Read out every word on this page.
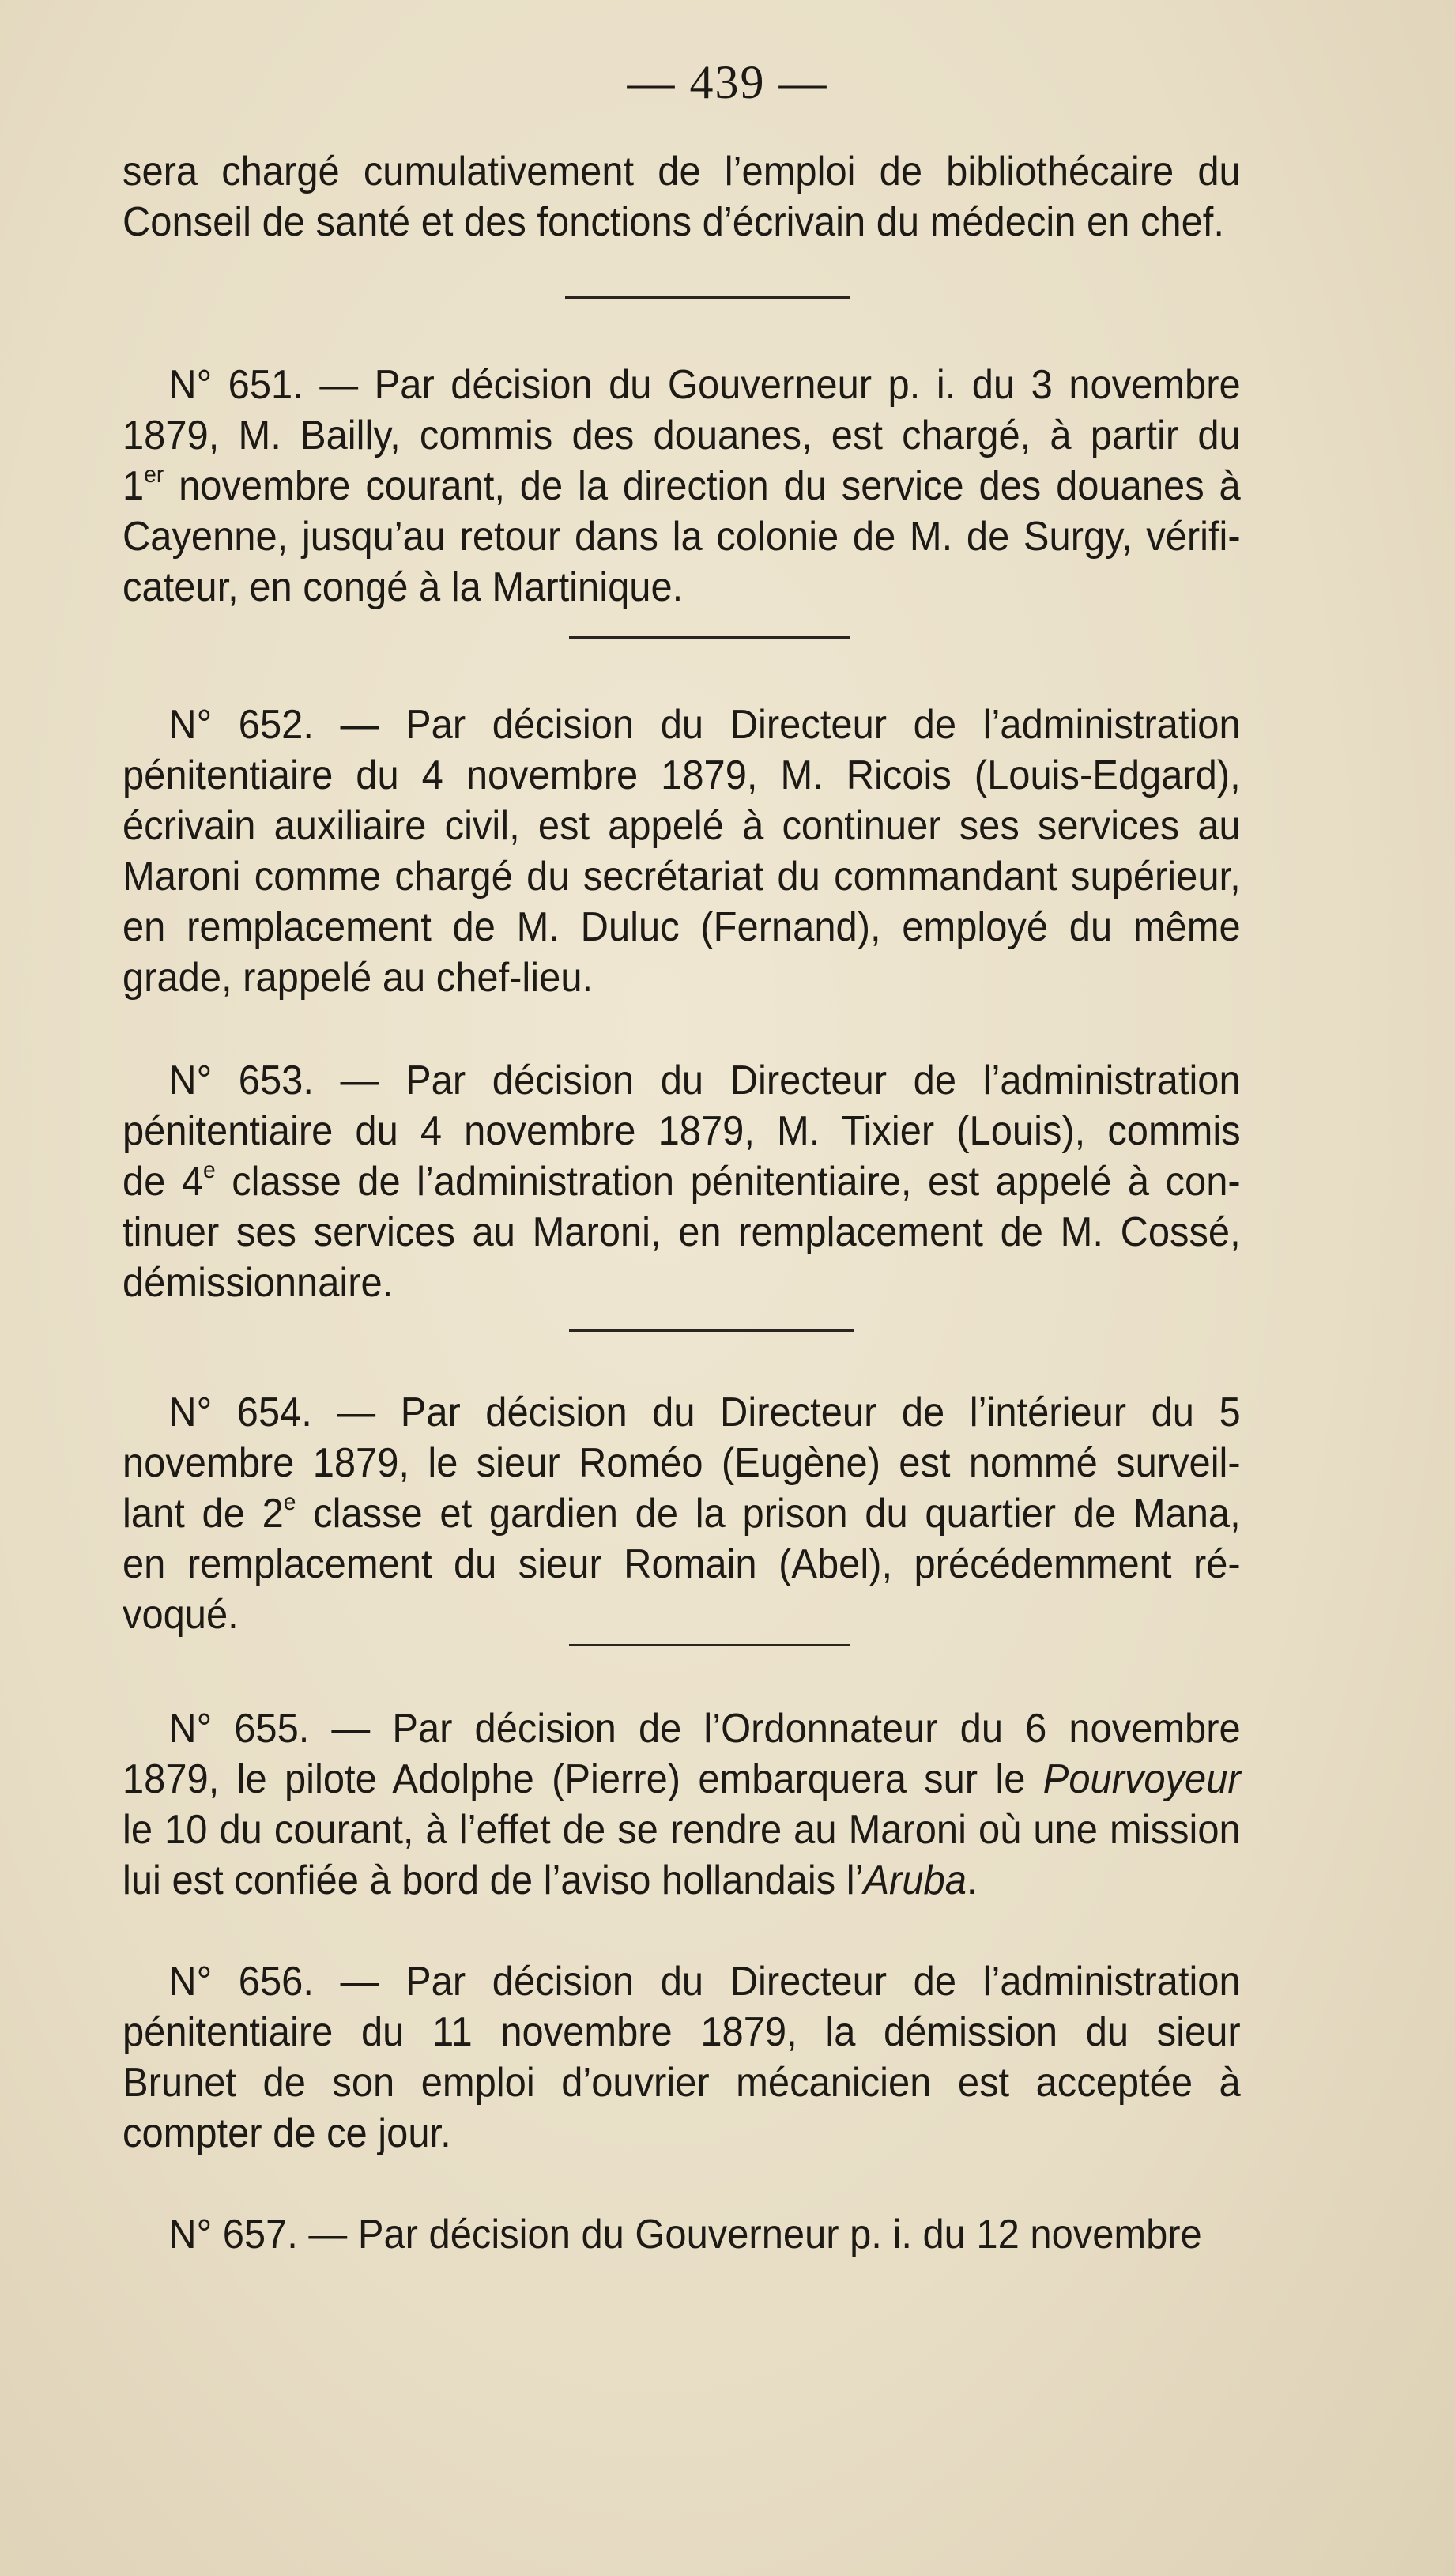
— 439 —
sera chargé cumulativement de l’emploi de bibliothécaire du
Conseil de santé et des fonctions d’écrivain du médecin en chef.
N° 651. — Par décision du Gouverneur p. i. du 3 novembre
1879, M. Bailly, commis des douanes, est chargé, à partir du
1er novembre courant, de la direction du service des douanes à
Cayenne, jusqu’au retour dans la colonie de M. de Surgy, vérifi-
cateur, en congé à la Martinique.
N° 652. — Par décision du Directeur de l’administration
pénitentiaire du 4 novembre 1879, M. Ricois (Louis-Edgard),
écrivain auxiliaire civil, est appelé à continuer ses services au
Maroni comme chargé du secrétariat du commandant supérieur,
en remplacement de M. Duluc (Fernand), employé du même
grade, rappelé au chef-lieu.
N° 653. — Par décision du Directeur de l’administration
pénitentiaire du 4 novembre 1879, M. Tixier (Louis), commis
de 4e classe de l’administration pénitentiaire, est appelé à con-
tinuer ses services au Maroni, en remplacement de M. Cossé,
démissionnaire.
N° 654. — Par décision du Directeur de l’intérieur du 5
novembre 1879, le sieur Roméo (Eugène) est nommé surveil-
lant de 2e classe et gardien de la prison du quartier de Mana,
en remplacement du sieur Romain (Abel), précédemment ré-
voqué.
N° 655. — Par décision de l’Ordonnateur du 6 novembre
1879, le pilote Adolphe (Pierre) embarquera sur le Pourvoyeur
le 10 du courant, à l’effet de se rendre au Maroni où une mission
lui est confiée à bord de l’aviso hollandais l’Aruba.
N° 656. — Par décision du Directeur de l’administration
pénitentiaire du 11 novembre 1879, la démission du sieur
Brunet de son emploi d’ouvrier mécanicien est acceptée à
compter de ce jour.
N° 657. — Par décision du Gouverneur p. i. du 12 novembre
